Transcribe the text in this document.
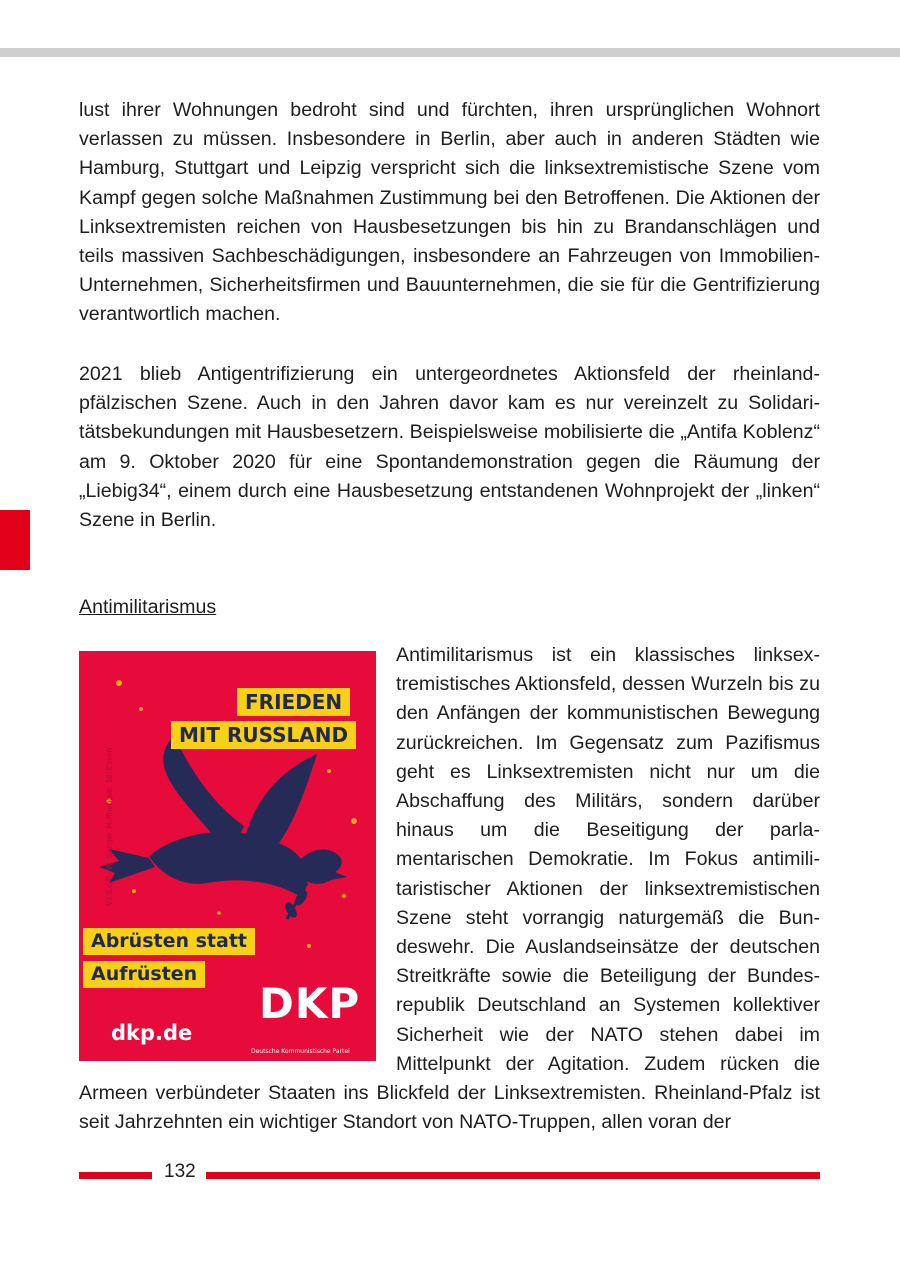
lust ihrer Wohnungen bedroht sind und fürchten, ihren ursprünglichen Wohnort verlassen zu müssen. Insbesondere in Berlin, aber auch in anderen Städten wie Hamburg, Stuttgart und Leipzig verspricht sich die linksextremistische Szene vom Kampf gegen solche Maßnahmen Zustimmung bei den Betroffenen. Die Aktionen der Linksextremisten reichen von Hausbesetzungen bis hin zu Brandanschlägen und teils massiven Sachbeschädigungen, insbesondere an Fahrzeugen von Immobilien-Unternehmen, Sicherheitsfirmen und Bauunternehmen, die sie für die Gentrifizierung verantwortlich machen.

2021 blieb Antigentrifizierung ein untergeordnetes Aktionsfeld der rheinlandpfälzischen Szene. Auch in den Jahren davor kam es nur vereinzelt zu Solidaritätsbekundungen mit Hausbesetzern. Beispielsweise mobilisierte die „Antifa Koblenz“ am 9. Oktober 2020 für eine Spontandemonstration gegen die Räumung der „Liebig34“, einem durch eine Hausbesetzung entstandenen Wohnprojekt der „linken“ Szene in Berlin.

Antimilitarismus
V.i.S.d.P.: W. Sanger, Hoffnungstr. 18, Essen
FRIEDEN
MIT RUSSLAND
Abrüsten statt
Aufrüsten
dkp.de
DKP
Deutsche Kommunistische Partei
Antimilitarismus ist ein klassisches linksextremistisches Aktionsfeld, dessen Wurzeln bis zu den Anfängen der kommunistischen Bewegung zurückreichen. Im Gegensatz zum Pazifismus geht es Linksextremisten nicht nur um die Abschaffung des Militärs, sondern darüber hinaus um die Beseitigung der parlamentarischen Demokratie. Im Fokus antimilitaristischer Aktionen der linksextremistischen Szene steht vorrangig naturgemäß die Bundeswehr. Die Auslandseinsätze der deutschen Streitkräfte sowie die Beteiligung der Bundesrepublik Deutschland an Systemen kollektiver Sicherheit wie der NATO stehen dabei im Mittelpunkt der Agitation. Zudem rücken die Armeen verbündeter Staaten ins Blickfeld der Linksextremisten. Rheinland-Pfalz ist seit Jahrzehnten ein wichtiger Standort von NATO-Truppen, allen voran der
132
